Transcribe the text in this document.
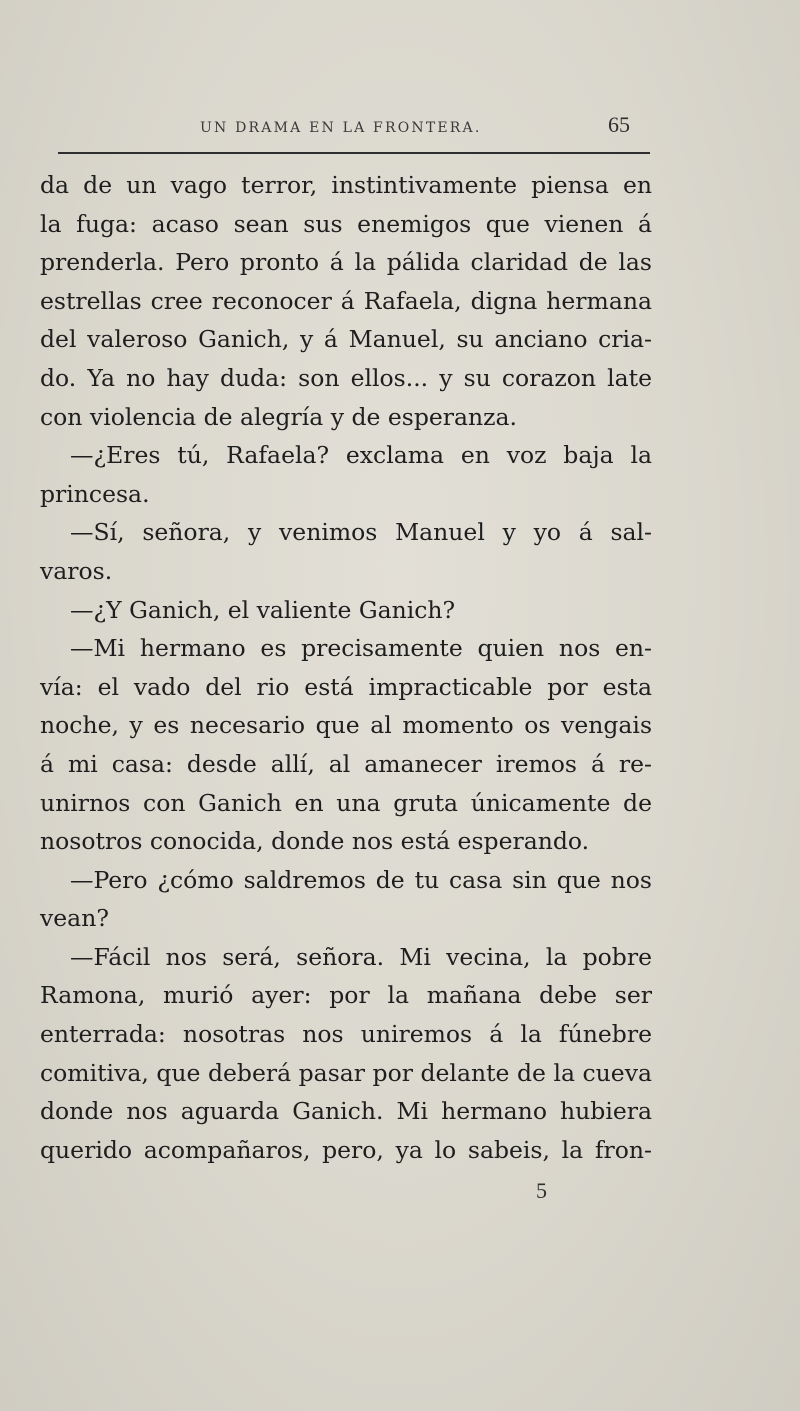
UN DRAMA EN LA FRONTERA.	65
da de un vago terror, instintivamente piensa en
la fuga: acaso sean sus enemigos que vienen á
prenderla. Pero pronto á la pálida claridad de las
estrellas cree reconocer á Rafaela, digna hermana
del valeroso Ganich, y á Manuel, su anciano cria-
do. Ya no hay duda: son ellos... y su corazon late
con violencia de alegría y de esperanza.
—¿Eres tú, Rafaela? exclama en voz baja la
princesa.
—Sí, señora, y venimos Manuel y yo á sal-
varos.
—¿Y Ganich, el valiente Ganich?
—Mi hermano es precisamente quien nos en-
vía: el vado del rio está impracticable por esta
noche, y es necesario que al momento os vengais
á mi casa: desde allí, al amanecer iremos á re-
unirnos con Ganich en una gruta únicamente de
nosotros conocida, donde nos está esperando.
—Pero ¿cómo saldremos de tu casa sin que nos
vean?
—Fácil nos será, señora. Mi vecina, la pobre
Ramona, murió ayer: por la mañana debe ser
enterrada: nosotras nos uniremos á la fúnebre
comitiva, que deberá pasar por delante de la cueva
donde nos aguarda Ganich. Mi hermano hubiera
querido acompañaros, pero, ya lo sabeis, la fron-
5
